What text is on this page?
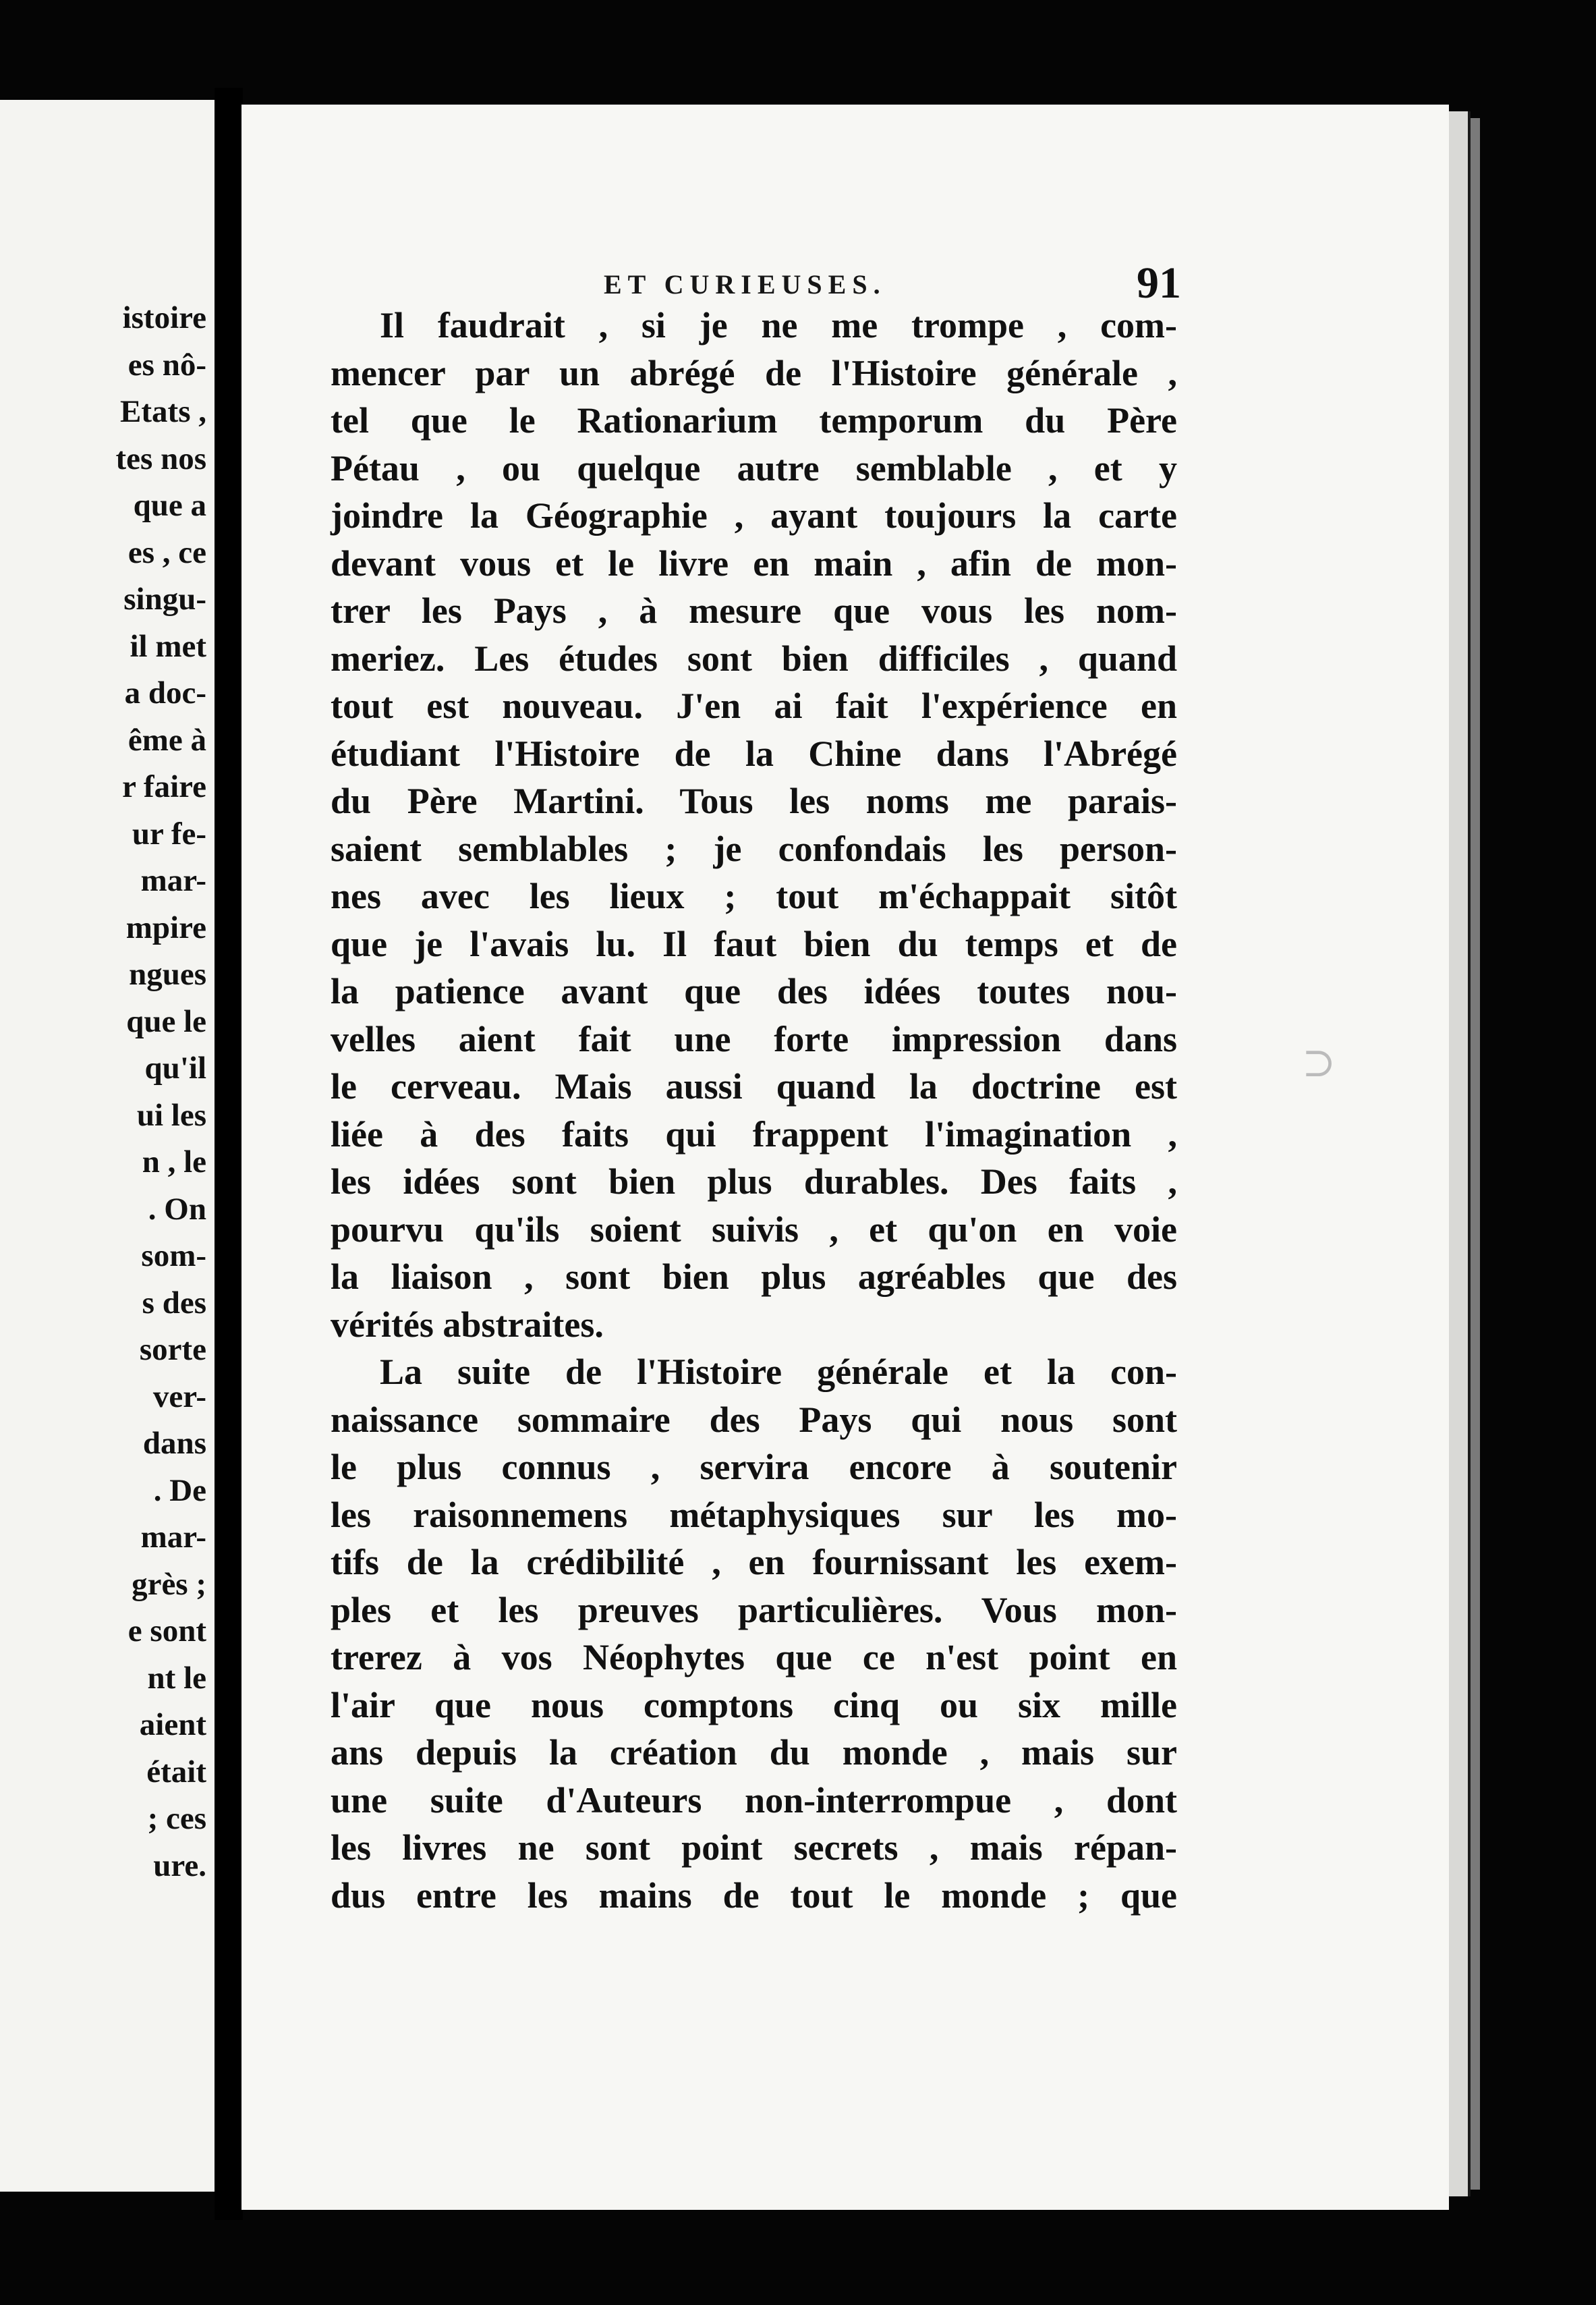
istoire
es nô-
Etats ,
tes nos
que a
es , ce
singu-
il met
a doc-
ême à
r faire
ur fe-
mar-
mpire
ngues
que le
qu'il
ui les
n , le
. On
som-
s des
sorte
ver-
dans
. De
mar-
grès ;
e sont
nt le
aient
était
; ces
ure.
ET CURIEUSES.	91
Il faudrait , si je ne me trompe , com-
mencer par un abrégé de l'Histoire générale ,
tel que le Rationarium temporum du Père
Pétau , ou quelque autre semblable , et y
joindre la Géographie , ayant toujours la carte
devant vous et le livre en main , afin de mon-
trer les Pays , à mesure que vous les nom-
meriez. Les études sont bien difficiles , quand
tout est nouveau. J'en ai fait l'expérience en
étudiant l'Histoire de la Chine dans l'Abrégé
du Père Martini. Tous les noms me parais-
saient semblables ; je confondais les person-
nes avec les lieux ; tout m'échappait sitôt
que je l'avais lu. Il faut bien du temps et de
la patience avant que des idées toutes nou-
velles aient fait une forte impression dans
le cerveau. Mais aussi quand la doctrine est
liée à des faits qui frappent l'imagination ,
les idées sont bien plus durables. Des faits ,
pourvu qu'ils soient suivis , et qu'on en voie
la liaison , sont bien plus agréables que des
vérités abstraites.
La suite de l'Histoire générale et la con-
naissance sommaire des Pays qui nous sont
le plus connus , servira encore à soutenir
les raisonnemens métaphysiques sur les mo-
tifs de la crédibilité , en fournissant les exem-
ples et les preuves particulières. Vous mon-
trerez à vos Néophytes que ce n'est point en
l'air que nous comptons cinq ou six mille
ans depuis la création du monde , mais sur
une suite d'Auteurs non-interrompue , dont
les livres ne sont point secrets , mais répan-
dus entre les mains de tout le monde ; que
⊃
